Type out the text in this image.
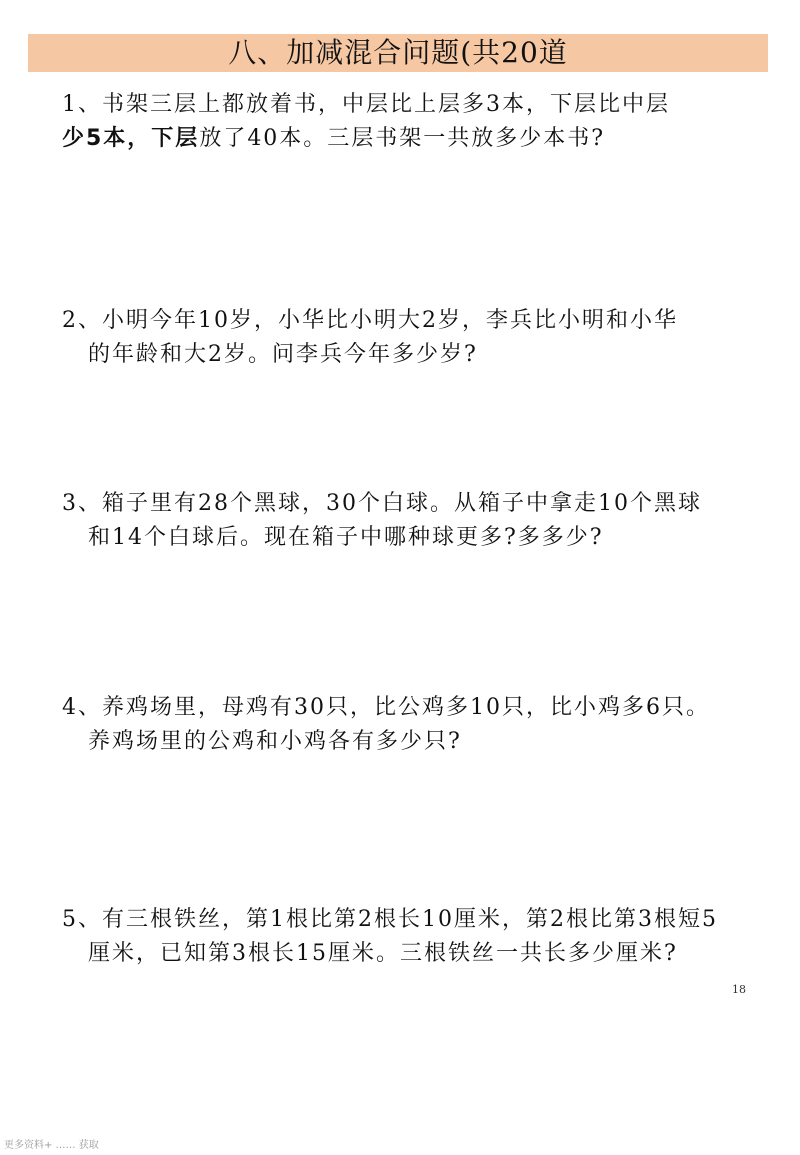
八、加减混合问题(共20道
1、书架三层上都放着书，中层比上层多3本，下层比中层
少5本，下层放了40本。三层书架一共放多少本书?
2、小明今年10岁，小华比小明大2岁，李兵比小明和小华
的年龄和大2岁。问李兵今年多少岁?
3、箱子里有28个黑球，30个白球。从箱子中拿走10个黑球
和14个白球后。现在箱子中哪种球更多?多多少?
4、养鸡场里，母鸡有30只，比公鸡多10只，比小鸡多6只。
养鸡场里的公鸡和小鸡各有多少只?
5、有三根铁丝，第1根比第2根长10厘米，第2根比第3根短5
厘米，已知第3根长15厘米。三根铁丝一共长多少厘米?
18
更多资料+ …… 获取
